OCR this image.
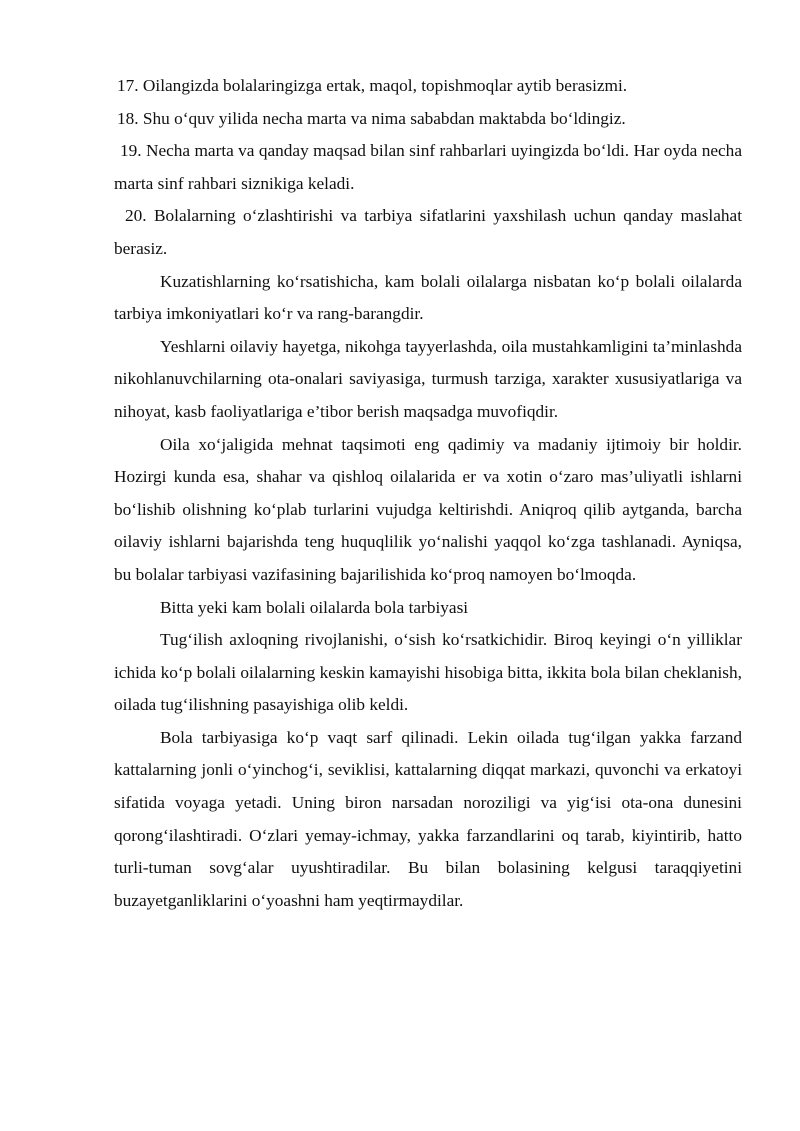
17. Oilangizda bolalaringizga ertak, maqol, topishmoqlar aytib berasizmi.

18. Shu o‘quv yilida necha marta va nima sababdan maktabda bo‘ldingiz.

19. Necha marta va qanday maqsad bilan sinf rahbarlari uyingizda bo‘ldi. Har oyda necha marta sinf rahbari siznikiga keladi.

20. Bolalarning o‘zlashtirishi va tarbiya sifatlarini yaxshilash uchun qanday maslahat berasiz.

Kuzatishlarning ko‘rsatishicha, kam bolali oilalarga nisbatan ko‘p bolali oilalarda tarbiya imkoniyatlari ko‘r va rang-barangdir.

Yeshlarni oilaviy hayetga, nikohga tayyerlashda, oila mustahkamligini ta’minlashda nikohlanuvchilarning ota-onalari saviyasiga, turmush tarziga, xarakter xususiyatlariga va nihoyat, kasb faoliyatlariga e’tibor berish maqsadga muvofiqdir.

Oila xo‘jaligida mehnat taqsimoti eng qadimiy va madaniy ijtimoiy bir holdir. Hozirgi kunda esa, shahar va qishloq oilalarida er va xotin o‘zaro mas’uliyatli ishlarni bo‘lishib olishning ko‘plab turlarini vujudga keltirishdi. Aniqroq qilib aytganda, barcha oilaviy ishlarni bajarishda teng huquqlilik yo‘nalishi yaqqol ko‘zga tashlanadi. Ayniqsa, bu bolalar tarbiyasi vazifasining bajarilishida ko‘proq namoyen bo‘lmoqda.

Bitta yeki kam bolali oilalarda bola tarbiyasi

Tug‘ilish axloqning rivojlanishi, o‘sish ko‘rsatkichidir. Biroq keyingi o‘n yilliklar ichida ko‘p bolali oilalarning keskin kamayishi hisobiga bitta, ikkita bola bilan cheklanish, oilada tug‘ilishning pasayishiga olib keldi.

Bola tarbiyasiga ko‘p vaqt sarf qilinadi. Lekin oilada tug‘ilgan yakka farzand kattalarning jonli o‘yinchog‘i, seviklisi, kattalarning diqqat markazi, quvonchi va erkatoyi sifatida voyaga yetadi. Uning biron narsadan noroziligi va yig‘isi ota-ona dunesini qorong‘ilashtiradi. O‘zlari yemay-ichmay, yakka farzandlarini oq tarab, kiyintirib, hatto turli-tuman sovg‘alar uyushtiradilar. Bu bilan bolasining kelgusi taraqqiyetini buzayetganliklarini o‘yoashni ham yeqtirmaydilar.
